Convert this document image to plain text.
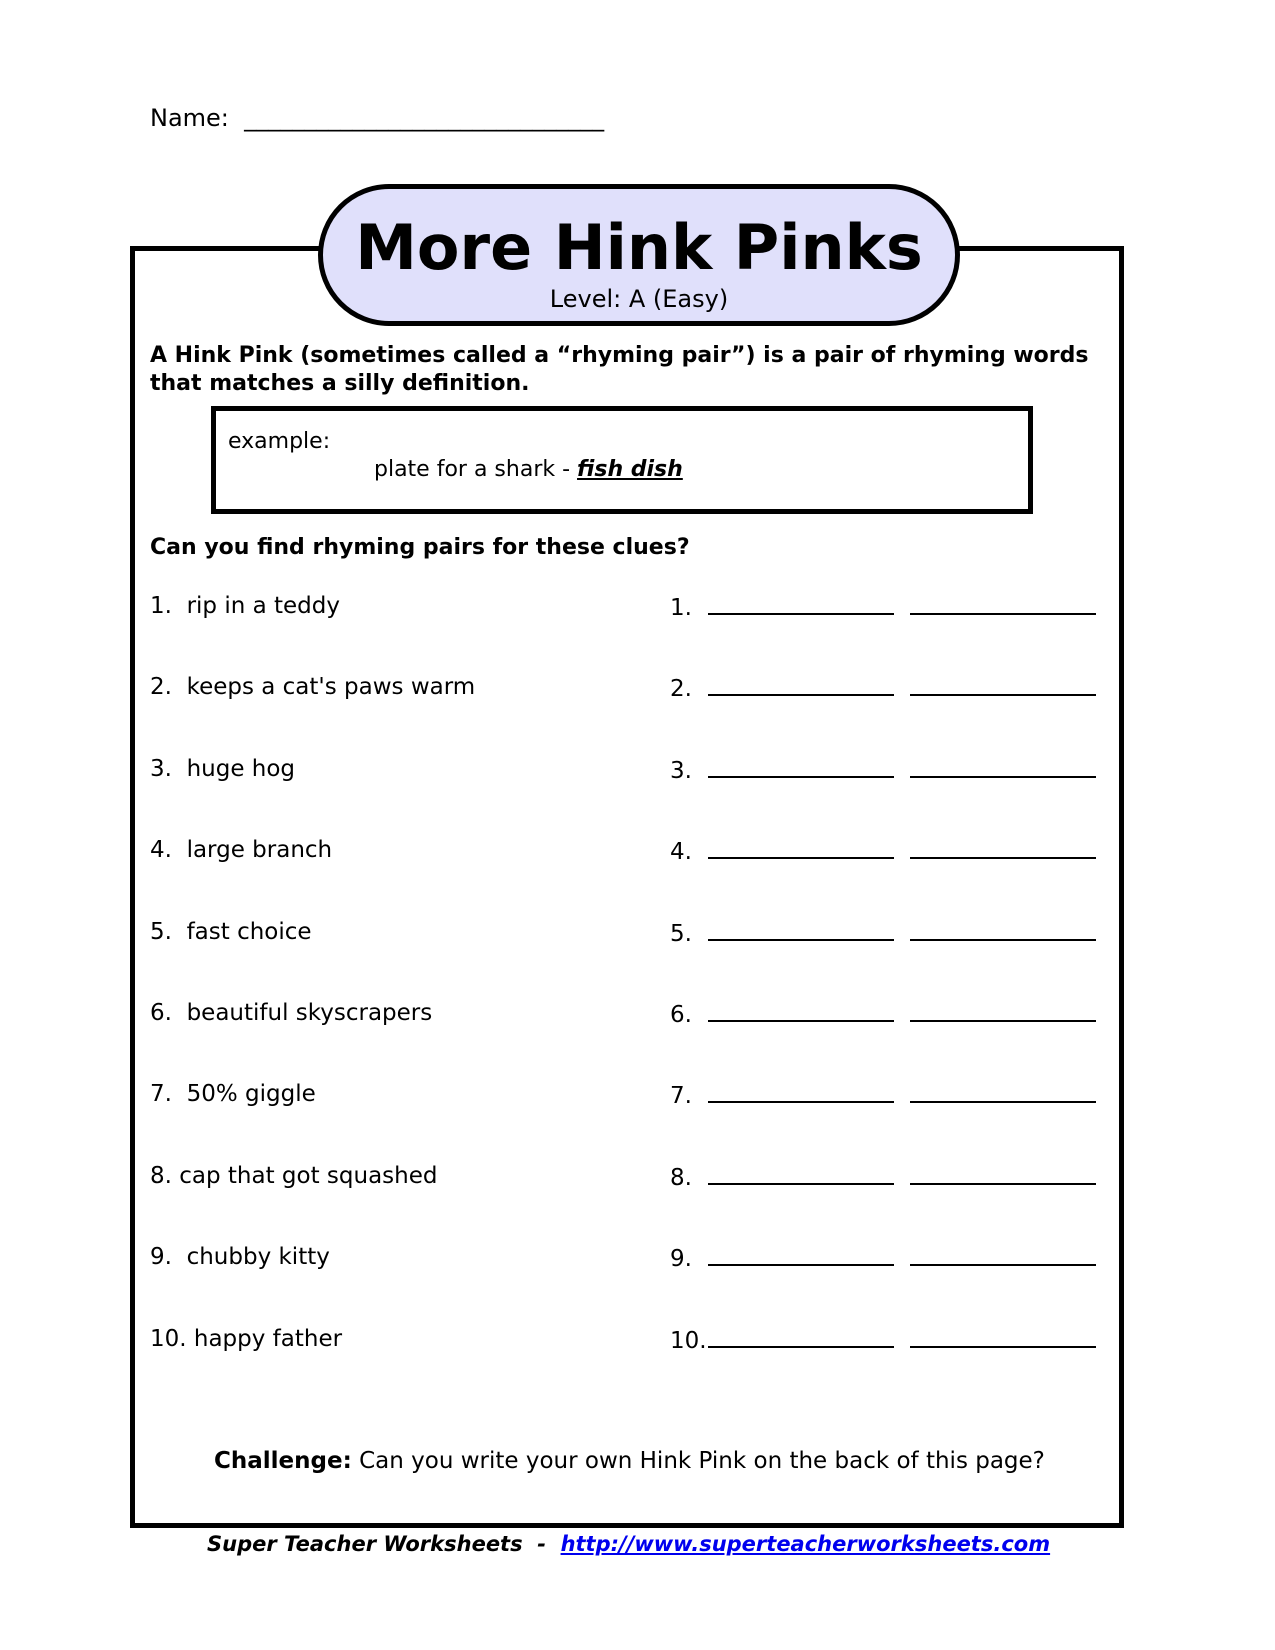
Name:  ______________________________
More Hink Pinks
Level: A (Easy)
A Hink Pink (sometimes called a “rhyming pair”) is a pair of rhyming words that matches a silly definition.
example:
plate for a shark - fish dish
Can you find rhyming pairs for these clues?
1.  rip in a teddy	1.
2.  keeps a cat's paws warm	2.
3.  huge hog	3.
4.  large branch	4.
5.  fast choice	5.
6.  beautiful skyscrapers	6.
7.  50% giggle	7.
8. cap that got squashed	8.
9.  chubby kitty	9.
10. happy father	10.
Challenge: Can you write your own Hink Pink on the back of this page?
Super Teacher Worksheets  -  http://www.superteacherworksheets.com
